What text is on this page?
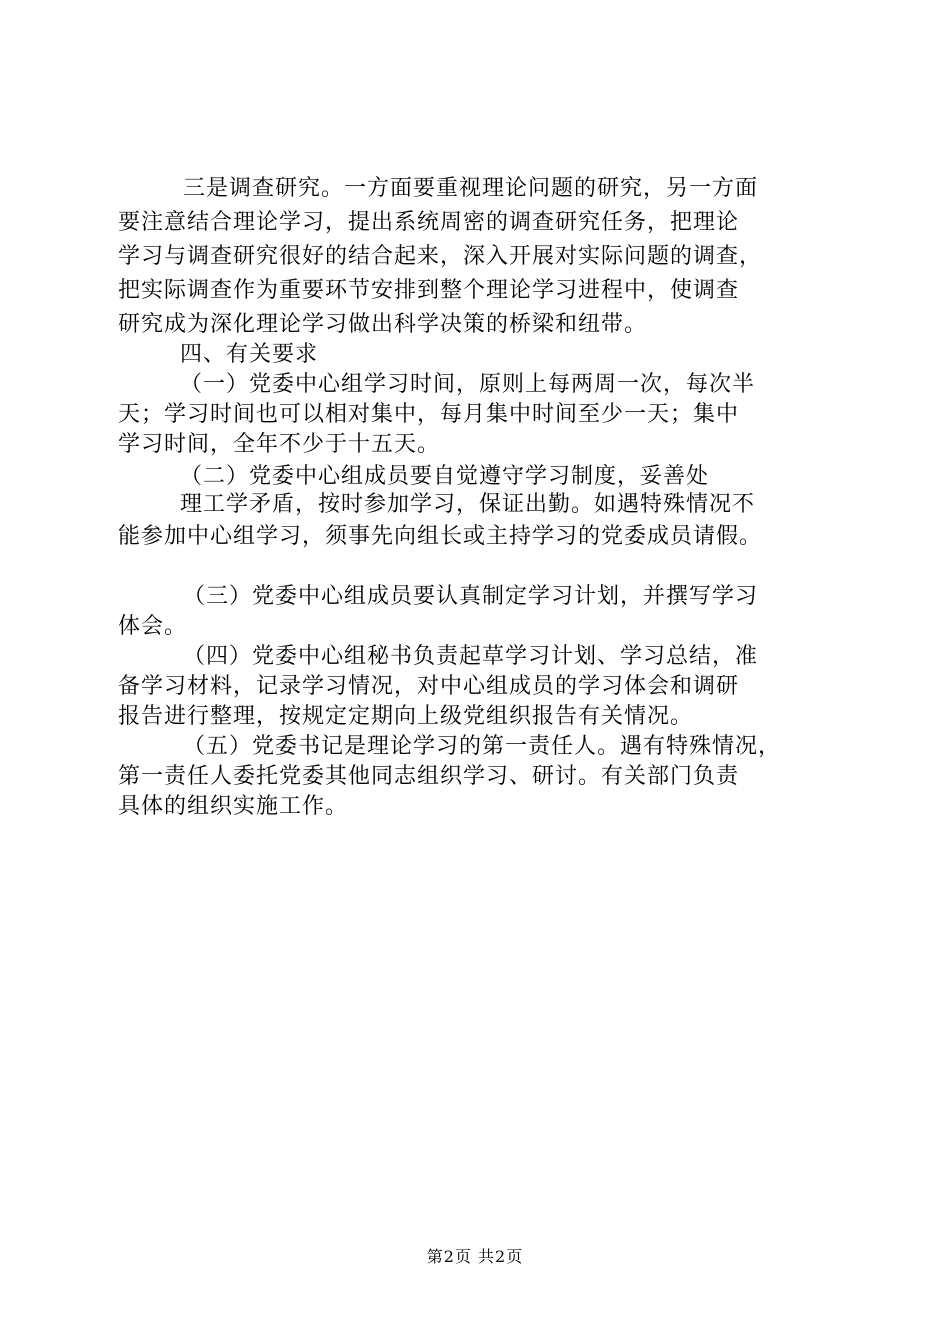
三是调查研究。一方面要重视理论问题的研究，另一方面
要注意结合理论学习，提出系统周密的调查研究任务，把理论
学习与调查研究很好的结合起来，深入开展对实际问题的调查，
把实际调查作为重要环节安排到整个理论学习进程中，使调查
研究成为深化理论学习做出科学决策的桥梁和纽带。
四、有关要求
（一）党委中心组学习时间，原则上每两周一次，每次半
天；学习时间也可以相对集中，每月集中时间至少一天；集中
学习时间，全年不少于十五天。
（二）党委中心组成员要自觉遵守学习制度，妥善处
理工学矛盾，按时参加学习，保证出勤。如遇特殊情况不
能参加中心组学习，须事先向组长或主持学习的党委成员请假。
（三）党委中心组成员要认真制定学习计划，并撰写学习
体会。
（四）党委中心组秘书负责起草学习计划、学习总结，准
备学习材料，记录学习情况，对中心组成员的学习体会和调研
报告进行整理，按规定定期向上级党组织报告有关情况。
（五）党委书记是理论学习的第一责任人。遇有特殊情况，
第一责任人委托党委其他同志组织学习、研讨。有关部门负责
具体的组织实施工作。
第2页 共2页
